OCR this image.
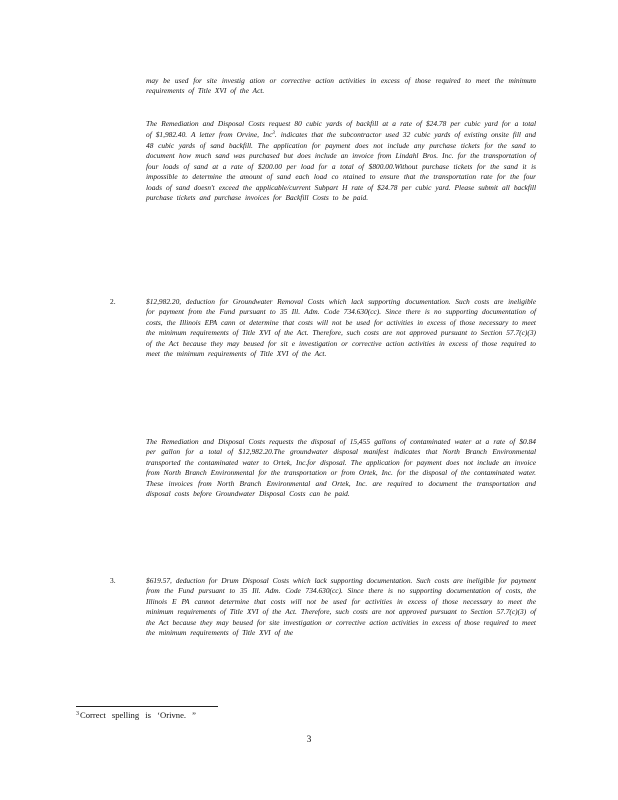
may be used for site investig ation or corrective action activities in excess of those required to meet the minimum requirements of Title XVI of the Act.

The Remediation and Disposal Costs request 80 cubic yards of backfill at a rate of $24.78 per cubic yard for a total of $1,982.40. A letter from Orvine, Inc$^3$. indicates that the subcontractor used 32 cubic yards of existing onsite fill and 48 cubic yards of sand backfill. The application for payment does not include any purchase tickets for the sand to document how much sand was purchased but does include an invoice from Lindahl Bros. Inc. for the transportation of four loads of sand at a rate of $200.00 per load for a total of $800.00.Without purchase tickets for the sand it is impossible to determine the amount of sand each load co ntained to ensure that the transportation rate for the four loads of sand doesn't exceed the applicable/current Subpart H rate of $24.78 per cubic yard. Please submit all backfill purchase tickets and purchase invoices for Backfill Costs to be paid.

2.	$12,982.20, deduction for Groundwater Removal Costs which lack supporting documentation. Such costs are ineligible for payment from the Fund pursuant to 35 Ill. Adm. Code 734.630(cc). Since there is no supporting documentation of costs, the Illinois EPA cann ot determine that costs will not be used for activities in excess of those necessary to meet the minimum requirements of Title XVI of the Act. Therefore, such costs are not approved pursuant to Section 57.7(c)(3) of the Act because they may beused for sit e investigation or corrective action activities in excess of those required to meet the minimum requirements of Title XVI of the Act.

The Remediation and Disposal Costs requests the disposal of 15,455 gallons of contaminated water at a rate of $0.84 per gallon for a total of $12,982.20.The groundwater disposal manifest indicates that North Branch Environmental transported the contaminated water to Ortek, Inc.for disposal. The application for payment does not include an invoice from North Branch Environmental for the transportation or from Ortek, Inc. for the disposal of the contaminated water. These invoices from North Branch Environmental and Ortek, Inc. are required to document the transportation and disposal costs before Groundwater Disposal Costs can be paid.

3.	$619.57, deduction for Drum Disposal Costs which lack supporting documentation. Such costs are ineligible for payment from the Fund pursuant to 35 Ill. Adm. Code 734.630(cc). Since there is no supporting documentation of costs, the Illinois E PA cannot determine that costs will not be used for activities in excess of those necessary to meet the minimum requirements of Title XVI of the Act. Therefore, such costs are not approved pursuant to Section 57.7(c)(3) of the Act because they may beused for site investigation or corrective action activities in excess of those required to meet the minimum requirements of Title XVI of the

$^3$Correct spelling is ‘Orivne. ”
3
